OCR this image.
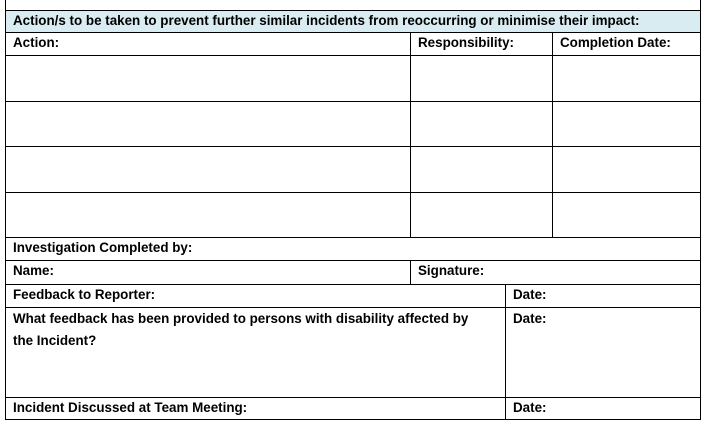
Action/s to be taken to prevent further similar incidents from reoccurring or minimise their impact:
Action:	Responsibility:	Completion Date:
Investigation Completed by:
Name:	Signature:
Feedback to Reporter:	Date:
What feedback has been provided to persons with disability affected by
the Incident?
Date:
Incident Discussed at Team Meeting:	Date:
